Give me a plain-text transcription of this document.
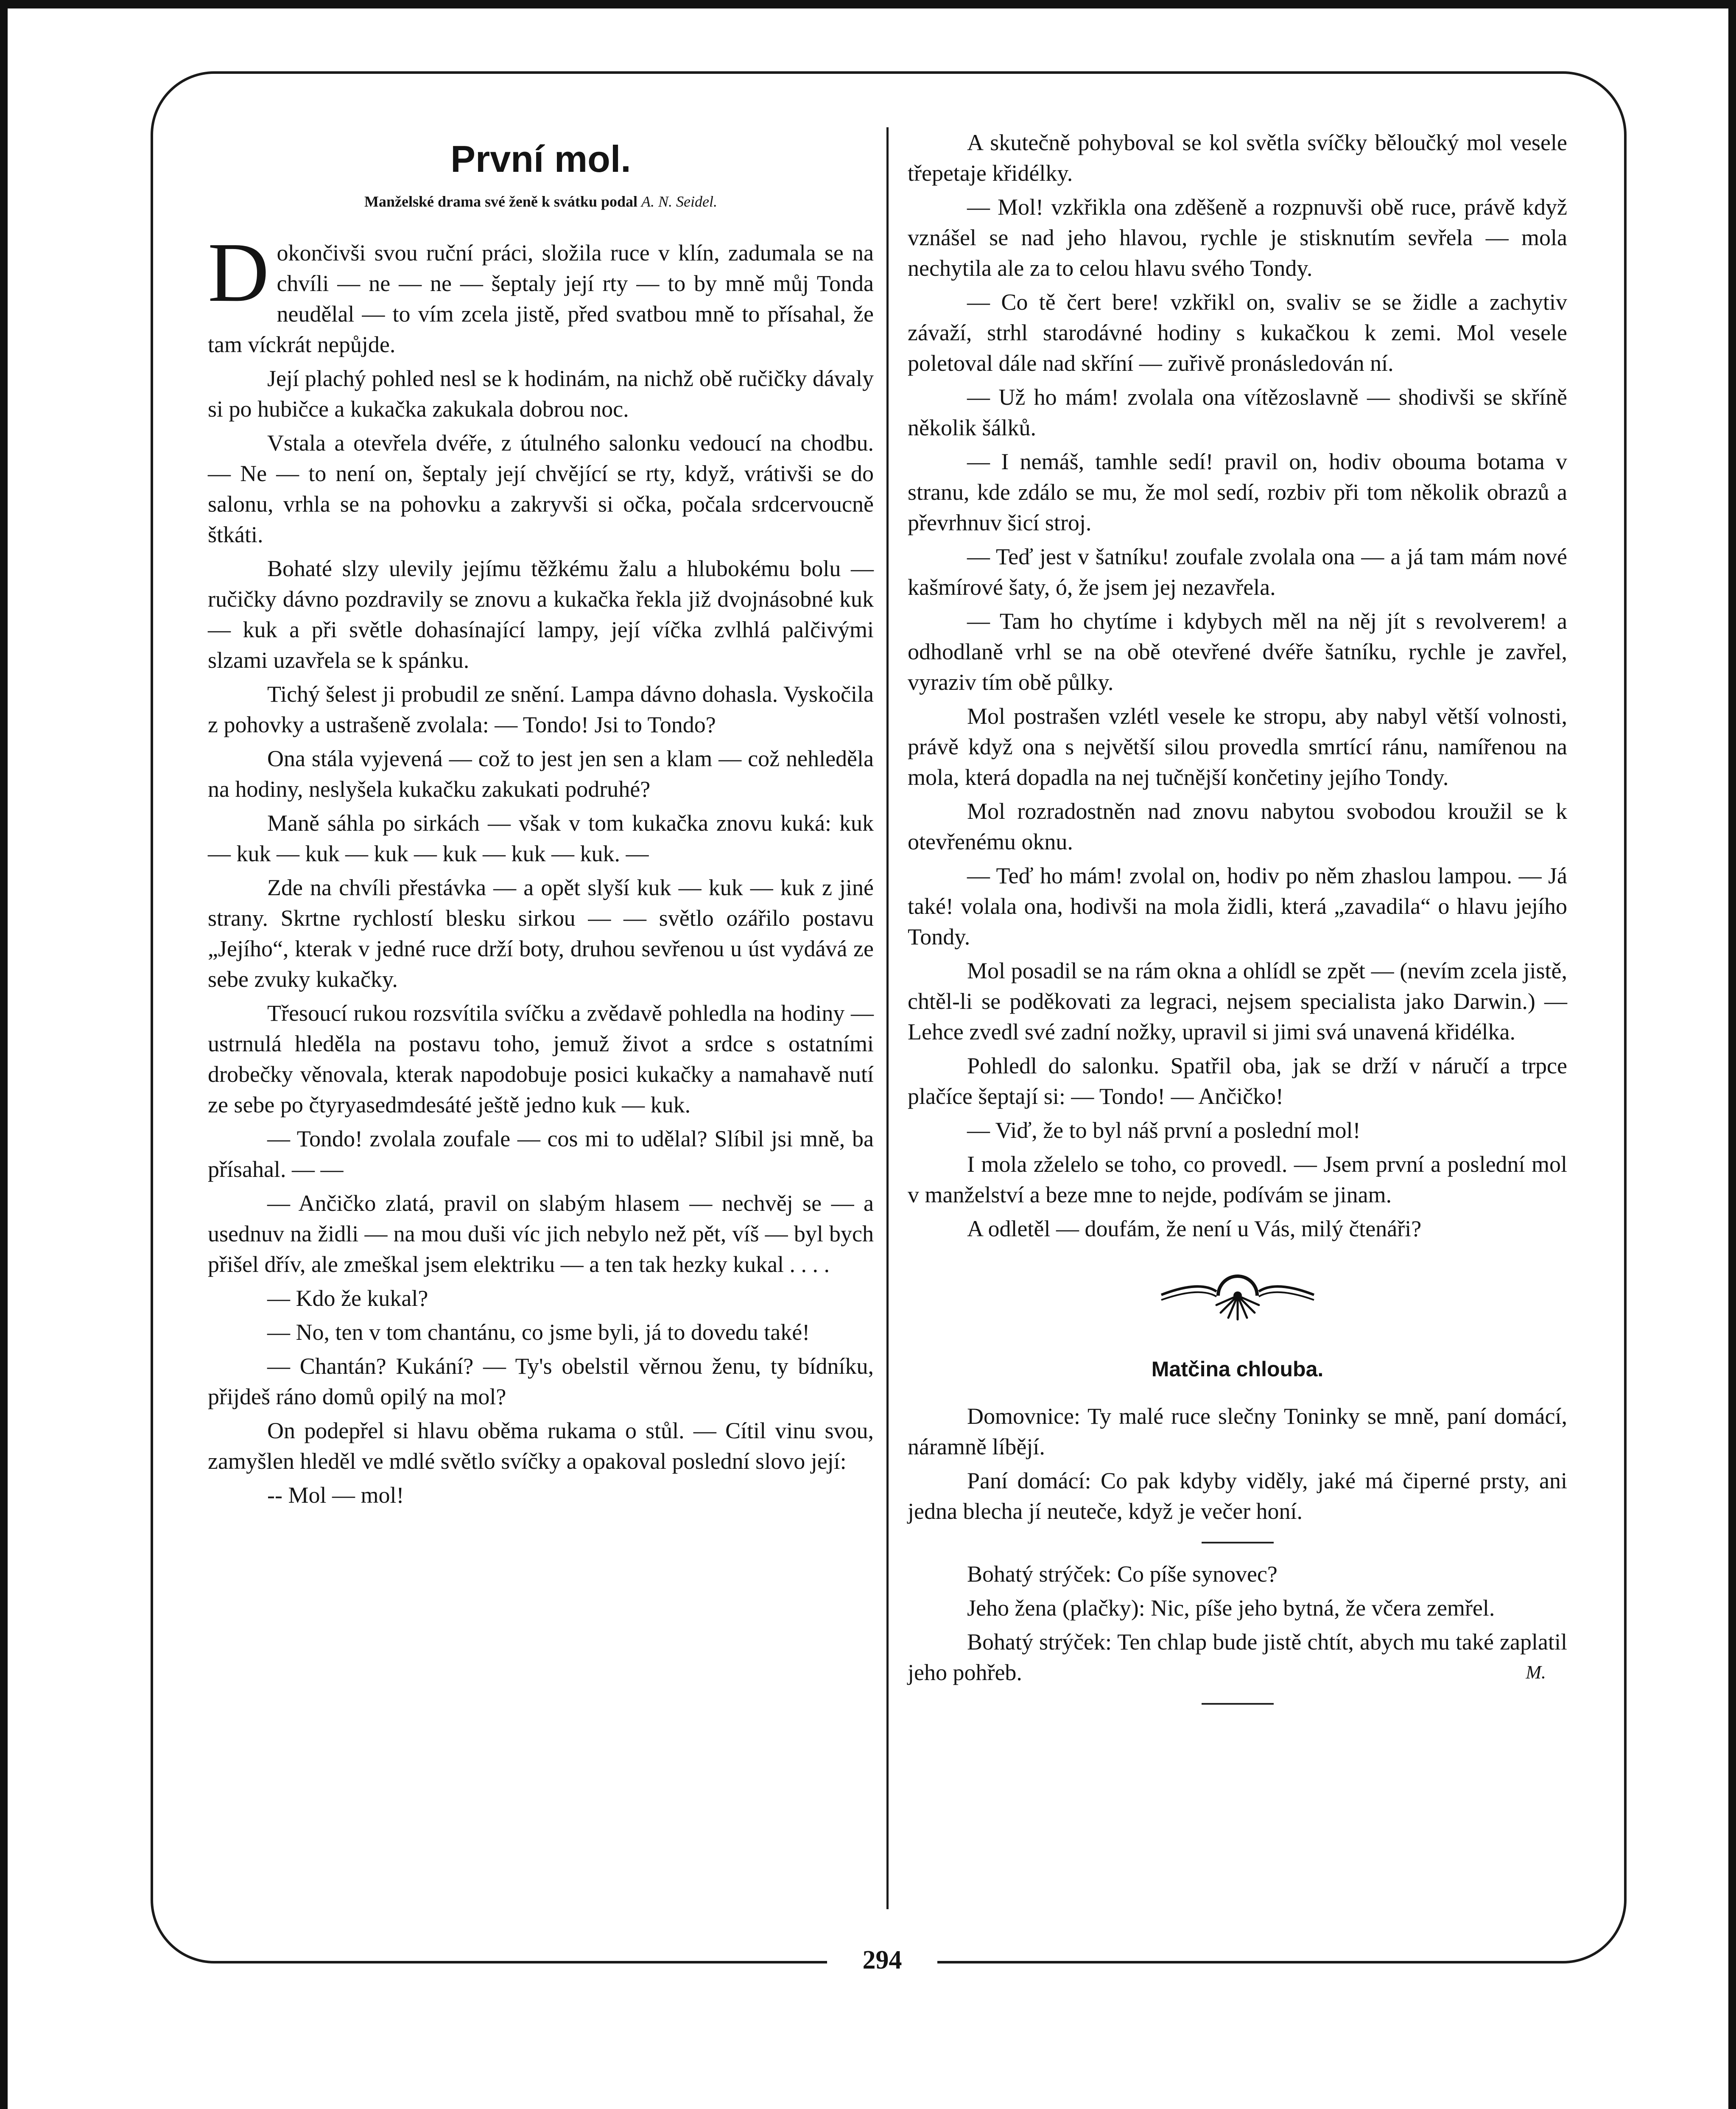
První mol.
Manželské drama své ženě k svátku podal A. N. Seidel.

Dokončivši svou ruční práci, složila ruce v klín, zadumala se na chvíli — ne — ne — šeptaly její rty — to by mně můj Tonda neudělal — to vím zcela jistě, před svatbou mně to přísahal, že tam víckrát nepůjde.

Její plachý pohled nesl se k hodinám, na nichž obě ručičky dávaly si po hubičce a kukačka zakukala dobrou noc.

Vstala a otevřela dvéře, z útulného salonku vedoucí na chodbu. — Ne — to není on, šeptaly její chvějící se rty, když, vrátivši se do salonu, vrhla se na pohovku a zakryvši si očka, počala srdcervoucně štkáti.

Bohaté slzy ulevily jejímu těžkému žalu a hlubokému bolu — ručičky dávno pozdravily se znovu a kukačka řekla již dvojnásobné kuk — kuk a při světle dohasínající lampy, její víčka zvlhlá palčivými slzami uzavřela se k spánku.

Tichý šelest ji probudil ze snění. Lampa dávno dohasla. Vyskočila z pohovky a ustrašeně zvolala: — Tondo! Jsi to Tondo?

Ona stála vyjevená — což to jest jen sen a klam — což nehleděla na hodiny, neslyšela kukačku zakukati podruhé?

Maně sáhla po sirkách — však v tom kukačka znovu kuká: kuk — kuk — kuk — kuk — kuk — kuk — kuk. —

Zde na chvíli přestávka — a opět slyší kuk — kuk — kuk z jiné strany. Skrtne rychlostí blesku sirkou — — světlo ozářilo postavu „Jejího“, kterak v jedné ruce drží boty, druhou sevřenou u úst vydává ze sebe zvuky kukačky.

Třesoucí rukou rozsvítila svíčku a zvědavě pohledla na hodiny — ustrnulá hleděla na postavu toho, jemuž život a srdce s ostatními drobečky věnovala, kterak napodobuje posici kukačky a namahavě nutí ze sebe po čtyryasedmdesáté ještě jedno kuk — kuk.

— Tondo! zvolala zoufale — cos mi to udělal? Slíbil jsi mně, ba přísahal. — —

— Ančičko zlatá, pravil on slabým hlasem — nechvěj se — a usednuv na židli — na mou duši víc jich nebylo než pět, víš — byl bych přišel dřív, ale zmeškal jsem elektriku — a ten tak hezky kukal . . . .

— Kdo že kukal?

— No, ten v tom chantánu, co jsme byli, já to dovedu také!

— Chantán? Kukání? — Ty's obelstil věrnou ženu, ty bídníku, přijdeš ráno domů opilý na mol?

On podepřel si hlavu oběma rukama o stůl. — Cítil vinu svou, zamyšlen hleděl ve mdlé světlo svíčky a opakoval poslední slovo její:

-- Mol — mol!

A skutečně pohyboval se kol světla svíčky běloučký mol vesele třepetaje křidélky.

— Mol! vzkřikla ona zděšeně a rozpnuvši obě ruce, právě když vznášel se nad jeho hlavou, rychle je stisknutím sevřela — mola nechytila ale za to celou hlavu svého Tondy.

— Co tě čert bere! vzkřikl on, svaliv se se židle a zachytiv závaží, strhl starodávné hodiny s kukačkou k zemi. Mol vesele poletoval dále nad skříní — zuřivě pronásledován ní.

— Už ho mám! zvolala ona vítězoslavně — shodivši se skříně několik šálků.

— I nemáš, tamhle sedí! pravil on, hodiv oboumа botama v stranu, kde zdálo se mu, že mol sedí, rozbiv při tom několik obrazů a převrhnuv šicí stroj.

— Teď jest v šatníku! zoufale zvolala ona — a já tam mám nové kašmírové šaty, ó, že jsem jej nezavřela.

— Tam ho chytíme i kdybych měl na něj jít s revolverem! a odhodlaně vrhl se na obě otevřené dvéře šatníku, rychle je zavřel, vyraziv tím obě půlky.

Mol postrašen vzlétl vesele ke stropu, aby nabyl větší volnosti, právě když ona s největší silou provedla smrtící ránu, namířenou na mola, která dopadla na nej tučnější končetiny jejího Tondy.

Mol rozradostněn nad znovu nabytou svobodou kroužil se k otevřenému oknu.

— Teď ho mám! zvolal on, hodiv po něm zhaslou lampou. — Já také! volala ona, hodivši na mola židli, která „zavadila“ o hlavu jejího Tondy.

Mol posadil se na rám okna a ohlídl se zpět — (nevím zcela jistě, chtěl-li se poděkovati za legraci, nejsem specialista jako Darwin.) — Lehce zvedl své zadní nožky, upravil si jimi svá unavená křidélka.

Pohledl do salonku. Spatřil oba, jak se drží v náručí a trpce plačíce šeptají si: — Tondo! — Ančičko!

— Viď, že to byl náš první a poslední mol!

I mola zželelo se toho, co provedl. — Jsem první a poslední mol v manželství a beze mne to nejde, podívám se jinam.

A odletěl — doufám, že není u Vás, milý čtenáři?

Matčina chlouba.

Domovnice: Ty malé ruce slečny Toninky se mně, paní domácí, náramně líbějí.

Paní domácí: Co pak kdyby viděly, jaké má čiperné prsty, ani jedna blecha jí neuteče, když je večer honí.

Bohatý strýček: Co píše synovec?

Jeho žena (plačky): Nic, píše jeho bytná, že včera zemřel.

Bohatý strýček: Ten chlap bude jistě chtít, abych mu také zaplatil jeho pohřeb.	M.

294
